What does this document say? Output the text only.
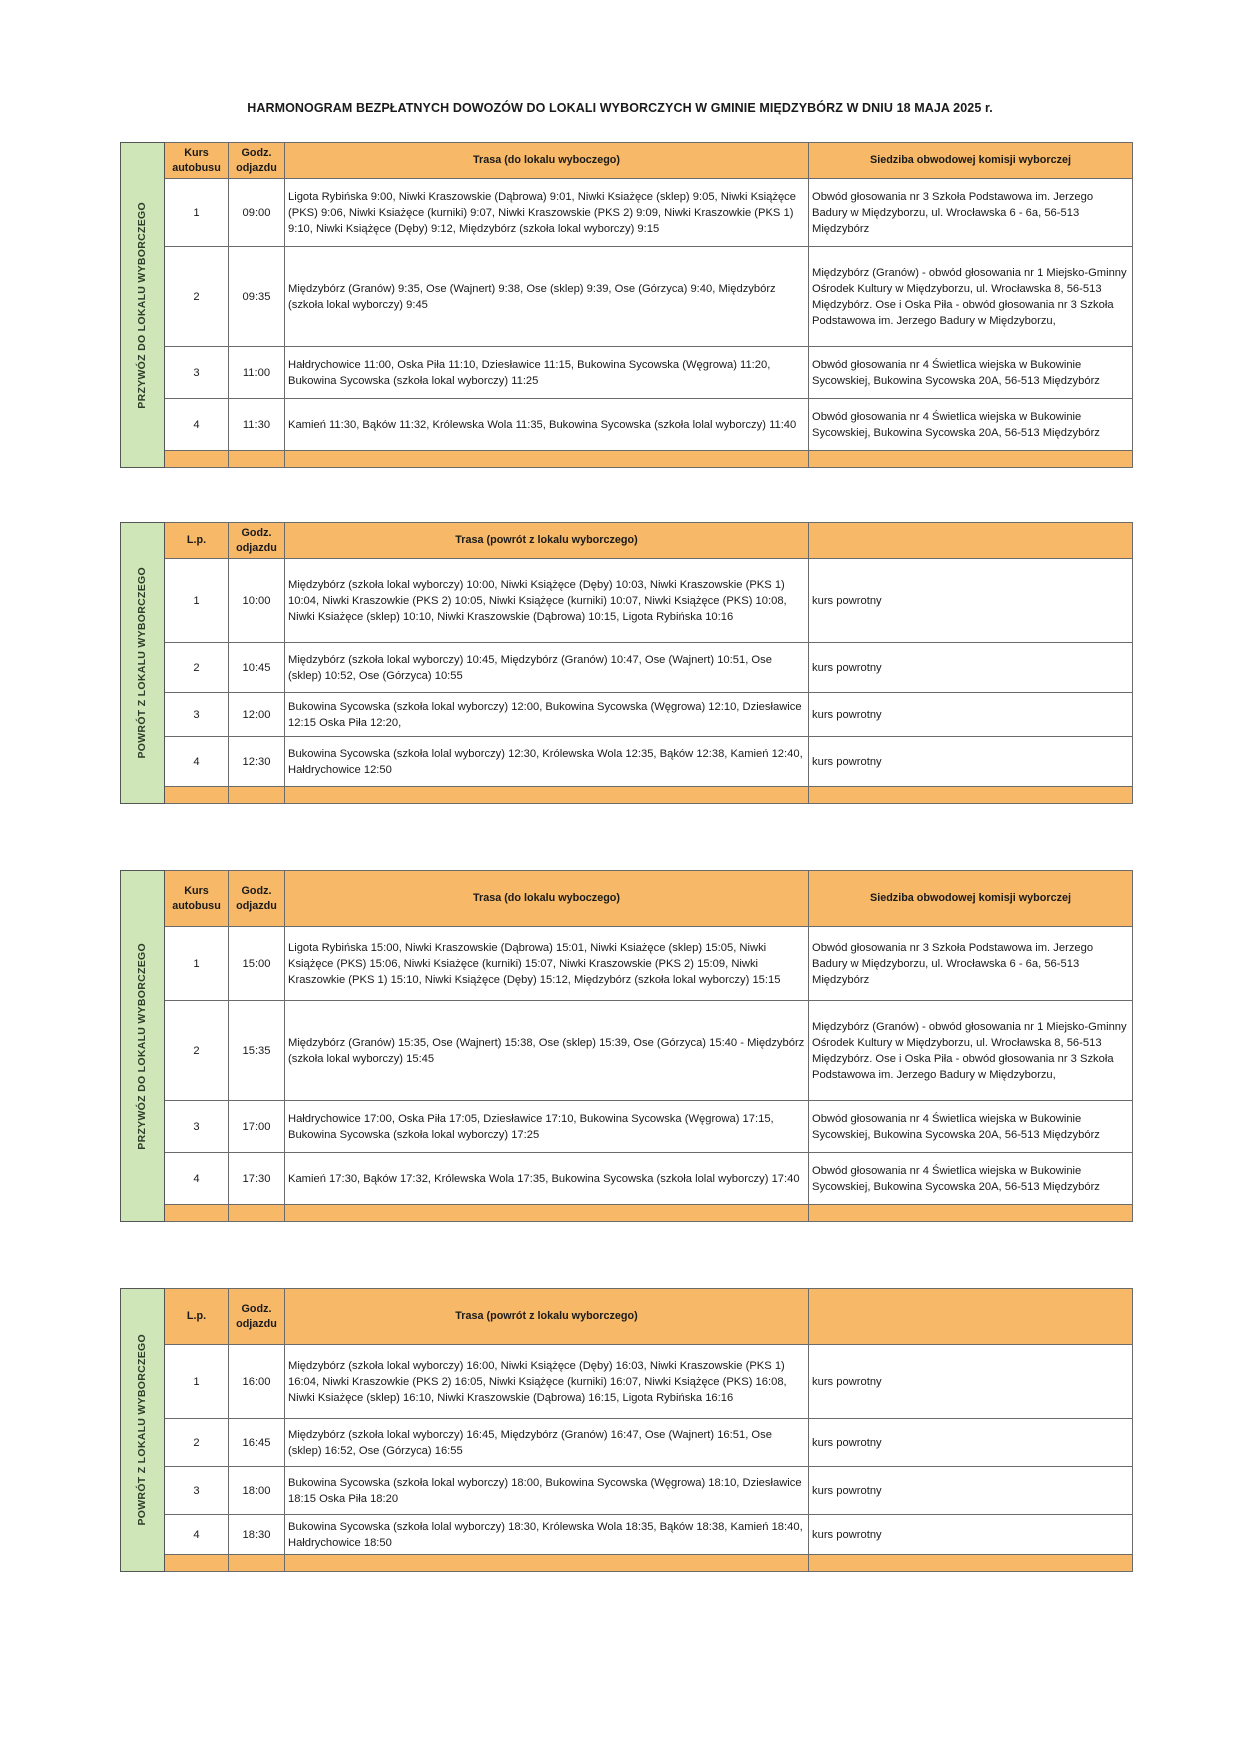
HARMONOGRAM BEZPŁATNYCH DOWOZÓW DO LOKALI WYBORCZYCH W GMINIE MIĘDZYBÓRZ W DNIU 18 MAJA 2025 r.
PRZYWÓZ DO LOKALU WYBORCZEGO	Kurs autobusu	Godz. odjazdu	Trasa (do lokalu wyboczego)	Siedziba obwodowej komisji wyborczej
	1	09:00	Ligota Rybińska 9:00, Niwki Kraszowskie (Dąbrowa) 9:01, Niwki Ksiażęce (sklep) 9:05, Niwki Książęce (PKS) 9:06, Niwki Ksiażęce (kurniki) 9:07, Niwki Kraszowskie (PKS 2) 9:09, Niwki Kraszowkie (PKS 1) 9:10, Niwki Książęce (Dęby) 9:12, Międzybórz (szkoła lokal wyborczy) 9:15	Obwód głosowania nr 3 Szkoła Podstawowa im. Jerzego Badury w Międzyborzu, ul. Wrocławska 6 - 6a, 56-513 Międzybórz
	2	09:35	Międzybórz (Granów) 9:35, Ose (Wajnert) 9:38, Ose (sklep) 9:39, Ose (Górzyca) 9:40, Międzybórz (szkoła lokal wyborczy) 9:45	Międzybórz (Granów) - obwód głosowania nr 1 Miejsko-Gminny Ośrodek Kultury w Międzyborzu, ul. Wrocławska 8, 56-513 Międzybórz. Ose i Oska Piła - obwód głosowania nr 3 Szkoła Podstawowa im. Jerzego Badury w Międzyborzu,
	3	11:00	Hałdrychowice 11:00, Oska Piła 11:10, Dziesławice 11:15, Bukowina Sycowska (Węgrowa) 11:20, Bukowina Sycowska (szkoła lokal wyborczy) 11:25	Obwód głosowania nr 4 Świetlica wiejska w Bukowinie Sycowskiej, Bukowina Sycowska 20A, 56-513 Międzybórz
	4	11:30	Kamień 11:30, Bąków 11:32, Królewska Wola 11:35, Bukowina Sycowska (szkoła lolal wyborczy) 11:40	Obwód głosowania nr 4 Świetlica wiejska w Bukowinie Sycowskiej, Bukowina Sycowska 20A, 56-513 Międzybórz

POWRÓT Z LOKALU WYBORCZEGO	L.p.	Godz. odjazdu	Trasa (powrót z lokalu wyborczego)	
	1	10:00	Międzybórz (szkoła lokal wyborczy) 10:00, Niwki Książęce (Dęby) 10:03, Niwki Kraszowskie (PKS 1) 10:04, Niwki Kraszowkie (PKS 2) 10:05, Niwki Książęce (kurniki) 10:07, Niwki Książęce (PKS) 10:08, Niwki Ksiażęce (sklep) 10:10, Niwki Kraszowskie (Dąbrowa) 10:15, Ligota Rybińska 10:16	kurs powrotny
	2	10:45	Międzybórz (szkoła lokal wyborczy) 10:45, Międzybórz (Granów) 10:47, Ose (Wajnert) 10:51, Ose (sklep) 10:52, Ose (Górzyca) 10:55	kurs powrotny
	3	12:00	Bukowina Sycowska (szkoła lokal wyborczy) 12:00, Bukowina Sycowska (Węgrowa) 12:10, Dziesławice 12:15 Oska Piła 12:20,	kurs powrotny
	4	12:30	Bukowina Sycowska (szkoła lolal wyborczy) 12:30, Królewska Wola 12:35, Bąków 12:38, Kamień 12:40, Hałdrychowice 12:50	kurs powrotny

PRZYWÓZ DO LOKALU WYBORCZEGO	Kurs autobusu	Godz. odjazdu	Trasa (do lokalu wyboczego)	Siedziba obwodowej komisji wyborczej
	1	15:00	Ligota Rybińska 15:00, Niwki Kraszowskie (Dąbrowa) 15:01, Niwki Ksiażęce (sklep) 15:05, Niwki Książęce (PKS) 15:06, Niwki Ksiażęce (kurniki) 15:07, Niwki Kraszowskie (PKS 2) 15:09, Niwki Kraszowkie (PKS 1) 15:10, Niwki Książęce (Dęby) 15:12, Międzybórz (szkoła lokal wyborczy) 15:15	Obwód głosowania nr 3 Szkoła Podstawowa im. Jerzego Badury w Międzyborzu, ul. Wrocławska 6 - 6a, 56-513 Międzybórz
	2	15:35	Międzybórz (Granów) 15:35, Ose (Wajnert) 15:38, Ose (sklep) 15:39, Ose (Górzyca) 15:40 - Międzybórz (szkoła lokal wyborczy) 15:45	Międzybórz (Granów) - obwód głosowania nr 1 Miejsko-Gminny Ośrodek Kultury w Międzyborzu, ul. Wrocławska 8, 56-513 Międzybórz. Ose i Oska Piła - obwód głosowania nr 3 Szkoła Podstawowa im. Jerzego Badury w Międzyborzu,
	3	17:00	Hałdrychowice 17:00, Oska Piła 17:05, Dziesławice 17:10, Bukowina Sycowska (Węgrowa) 17:15, Bukowina Sycowska (szkoła lokal wyborczy) 17:25	Obwód głosowania nr 4 Świetlica wiejska w Bukowinie Sycowskiej, Bukowina Sycowska 20A, 56-513 Międzybórz
	4	17:30	Kamień 17:30, Bąków 17:32, Królewska Wola 17:35, Bukowina Sycowska (szkoła lolal wyborczy) 17:40	Obwód głosowania nr 4 Świetlica wiejska w Bukowinie Sycowskiej, Bukowina Sycowska 20A, 56-513 Międzybórz

POWRÓT Z LOKALU WYBORCZEGO	L.p.	Godz. odjazdu	Trasa (powrót z lokalu wyborczego)	
	1	16:00	Międzybórz (szkoła lokal wyborczy) 16:00, Niwki Książęce (Dęby) 16:03, Niwki Kraszowskie (PKS 1) 16:04, Niwki Kraszowkie (PKS 2) 16:05, Niwki Książęce (kurniki) 16:07, Niwki Książęce (PKS) 16:08, Niwki Ksiażęce (sklep) 16:10, Niwki Kraszowskie (Dąbrowa) 16:15, Ligota Rybińska 16:16	kurs powrotny
	2	16:45	Międzybórz (szkoła lokal wyborczy) 16:45, Międzybórz (Granów) 16:47, Ose (Wajnert) 16:51, Ose (sklep) 16:52, Ose (Górzyca) 16:55	kurs powrotny
	3	18:00	Bukowina Sycowska (szkoła lokal wyborczy) 18:00, Bukowina Sycowska (Węgrowa) 18:10, Dziesławice 18:15 Oska Piła 18:20	kurs powrotny
	4	18:30	Bukowina Sycowska (szkoła lolal wyborczy) 18:30, Królewska Wola 18:35, Bąków 18:38, Kamień 18:40, Hałdrychowice 18:50	kurs powrotny
